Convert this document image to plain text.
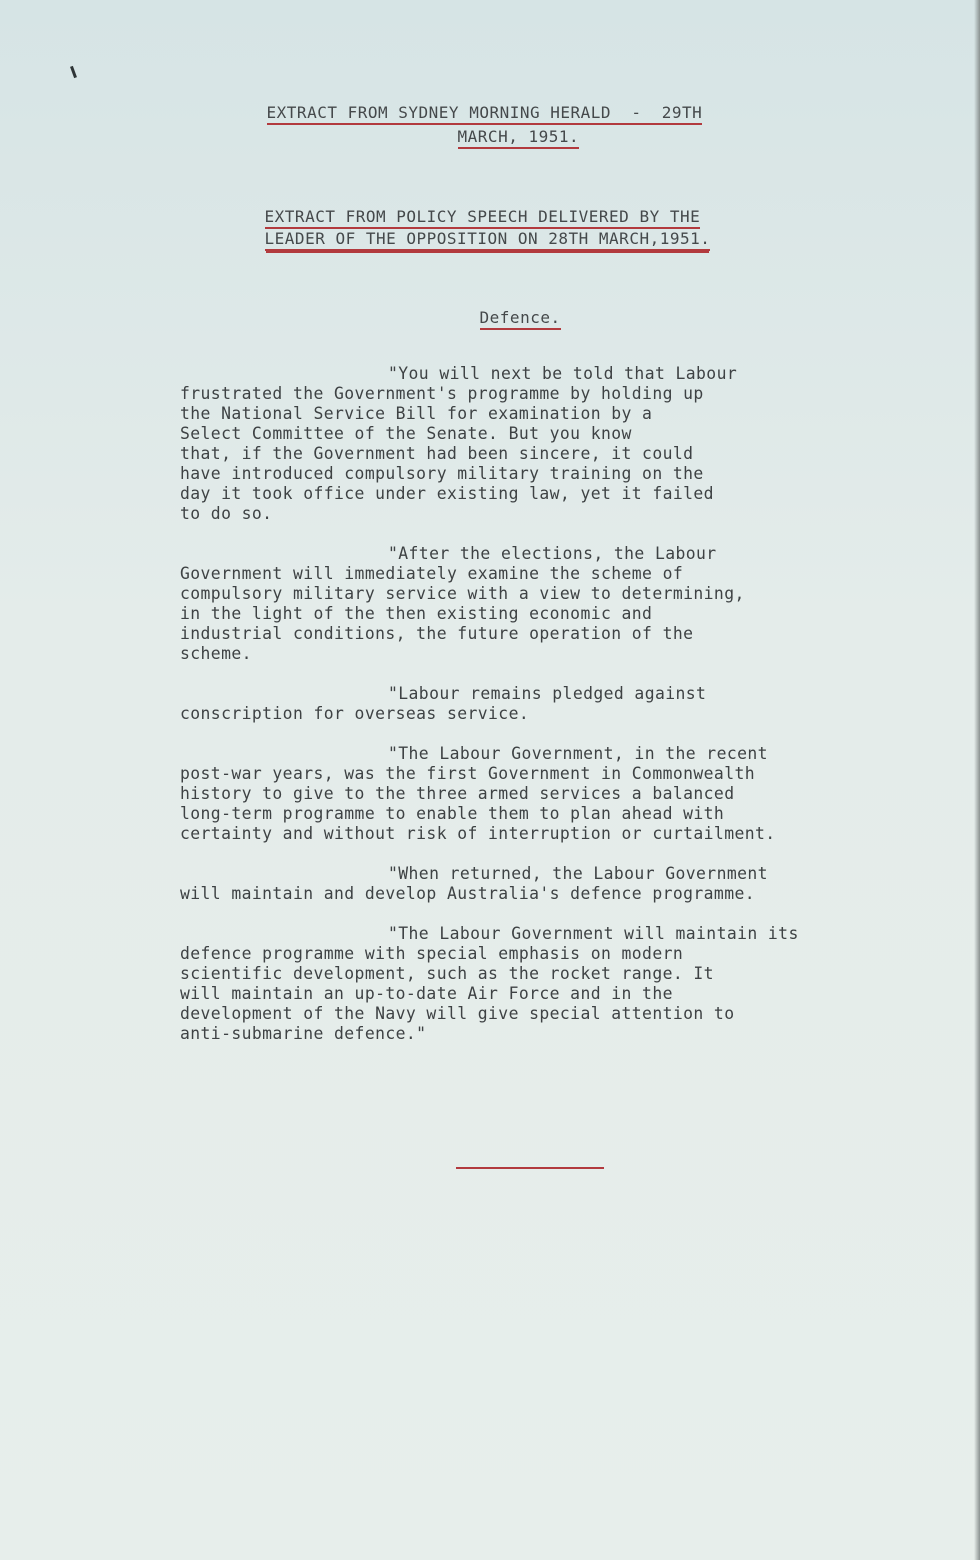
EXTRACT FROM SYDNEY MORNING HERALD  -  29TH

MARCH, 1951.

EXTRACT FROM POLICY SPEECH DELIVERED BY THE

LEADER OF THE OPPOSITION ON 28TH MARCH,1951.

Defence.

"You will next be told that Labour
frustrated the Government's programme by holding up
the National Service Bill for examination by a
Select Committee of the Senate. But you know
that, if the Government had been sincere, it could
have introduced compulsory military training on the
day it took office under existing law, yet it failed
to do so.

"After the elections, the Labour
Government will immediately examine the scheme of
compulsory military service with a view to determining,
in the light of the then existing economic and
industrial conditions, the future operation of the
scheme.

"Labour remains pledged against
conscription for overseas service.

"The Labour Government, in the recent
post-war years, was the first Government in Commonwealth
history to give to the three armed services a balanced
long-term programme to enable them to plan ahead with
certainty and without risk of interruption or curtailment.

"When returned, the Labour Government
will maintain and develop Australia's defence programme.

"The Labour Government will maintain its
defence programme with special emphasis on modern
scientific development, such as the rocket range. It
will maintain an up-to-date Air Force and in the
development of the Navy will give special attention to
anti-submarine defence."
